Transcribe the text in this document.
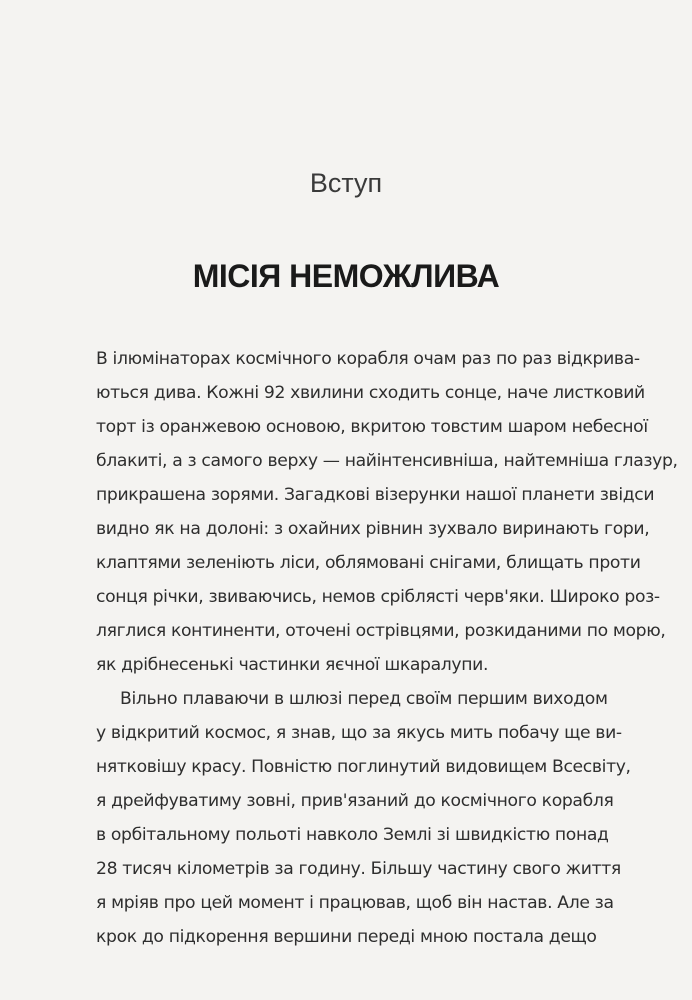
Вступ
МІСІЯ НЕМОЖЛИВА
В ілюмінаторах космічного корабля очам раз по раз відкрива-
ються дива. Кожні 92 хвилини сходить сонце, наче листковий
торт із оранжевою основою, вкритою товстим шаром небесної
блакиті, а з самого верху — найінтенсивніша, найтемніша глазур,
прикрашена зорями. Загадкові візерунки нашої планети звідси
видно як на долоні: з охайних рівнин зухвало виринають гори,
клаптями зеленіють ліси, облямовані снігами, блищать проти
сонця річки, звиваючись, немов сріблясті черв'яки. Широко роз-
ляглися континенти, оточені острівцями, розкиданими по морю,
як дрібнесенькі частинки яєчної шкаралупи.
Вільно плаваючи в шлюзі перед своїм першим виходом
у відкритий космос, я знав, що за якусь мить побачу ще ви-
нятковішу красу. Повністю поглинутий видовищем Всесвіту,
я дрейфуватиму зовні, прив'язаний до космічного корабля
в орбітальному польоті навколо Землі зі швидкістю понад
28 тисяч кілометрів за годину. Більшу частину свого життя
я мріяв про цей момент і працював, щоб він настав. Але за
крок до підкорення вершини переді мною постала дещо
